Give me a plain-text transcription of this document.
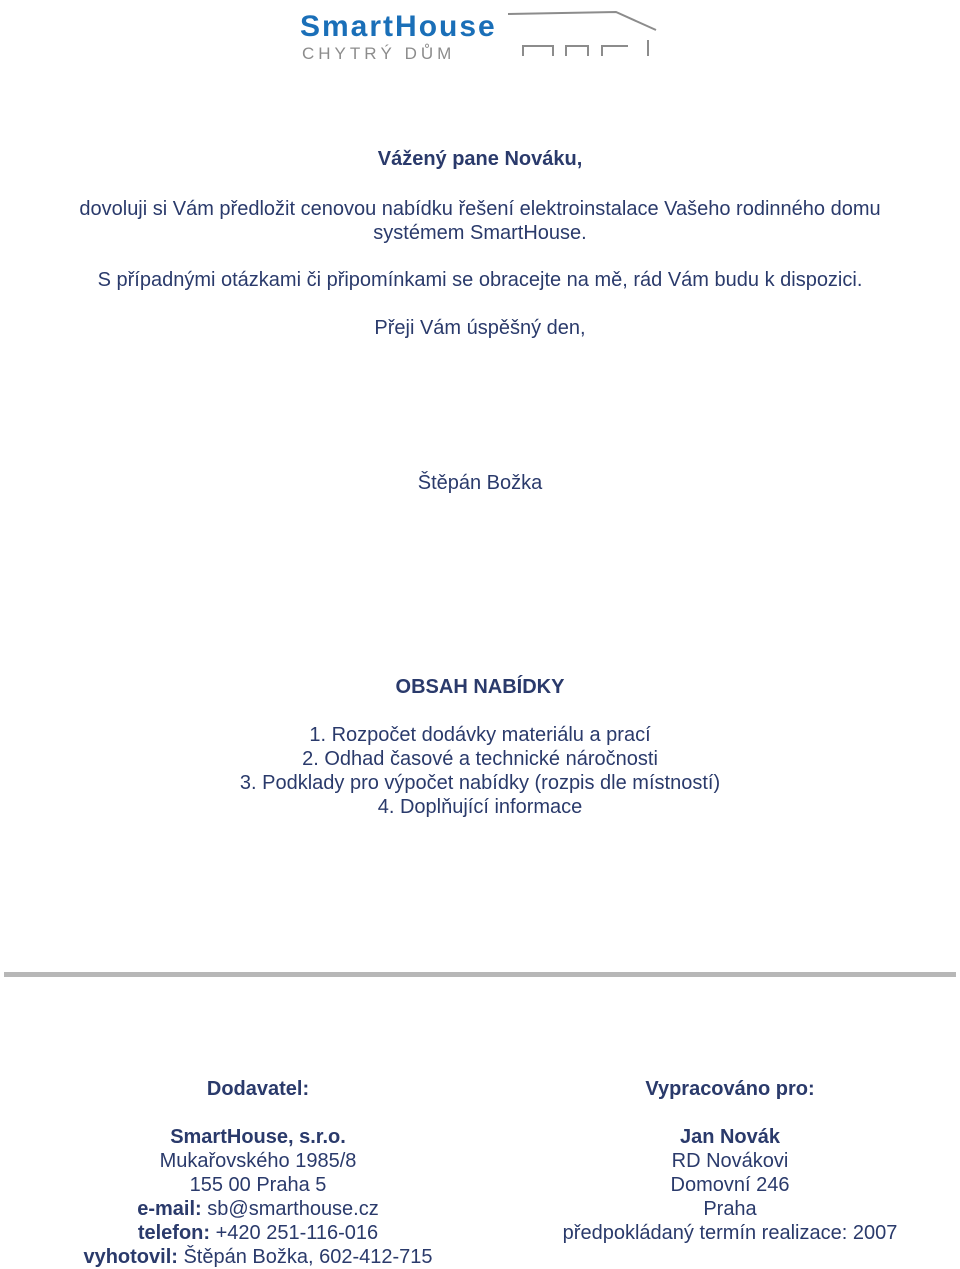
SmartHouse
CHYTRÝ DŮM
Vážený pane Nováku,
dovoluji si Vám předložit cenovou nabídku řešení elektroinstalace Vašeho rodinného domu
systémem SmartHouse.
S případnými otázkami či připomínkami se obracejte na mě, rád Vám budu k dispozici.
Přeji Vám úspěšný den,
Štěpán Božka
OBSAH NABÍDKY
1. Rozpočet dodávky materiálu a prací
2. Odhad časové a technické náročnosti
3. Podklady pro výpočet nabídky (rozpis dle místností)
4. Doplňující informace
Dodavatel:
SmartHouse, s.r.o.
Mukařovského 1985/8
155 00 Praha 5
e-mail: sb@smarthouse.cz
telefon: +420 251-116-016
vyhotovil: Štěpán Božka, 602-412-715
Vypracováno pro:
Jan Novák
RD Novákovi
Domovní 246
Praha
předpokládaný termín realizace: 2007
